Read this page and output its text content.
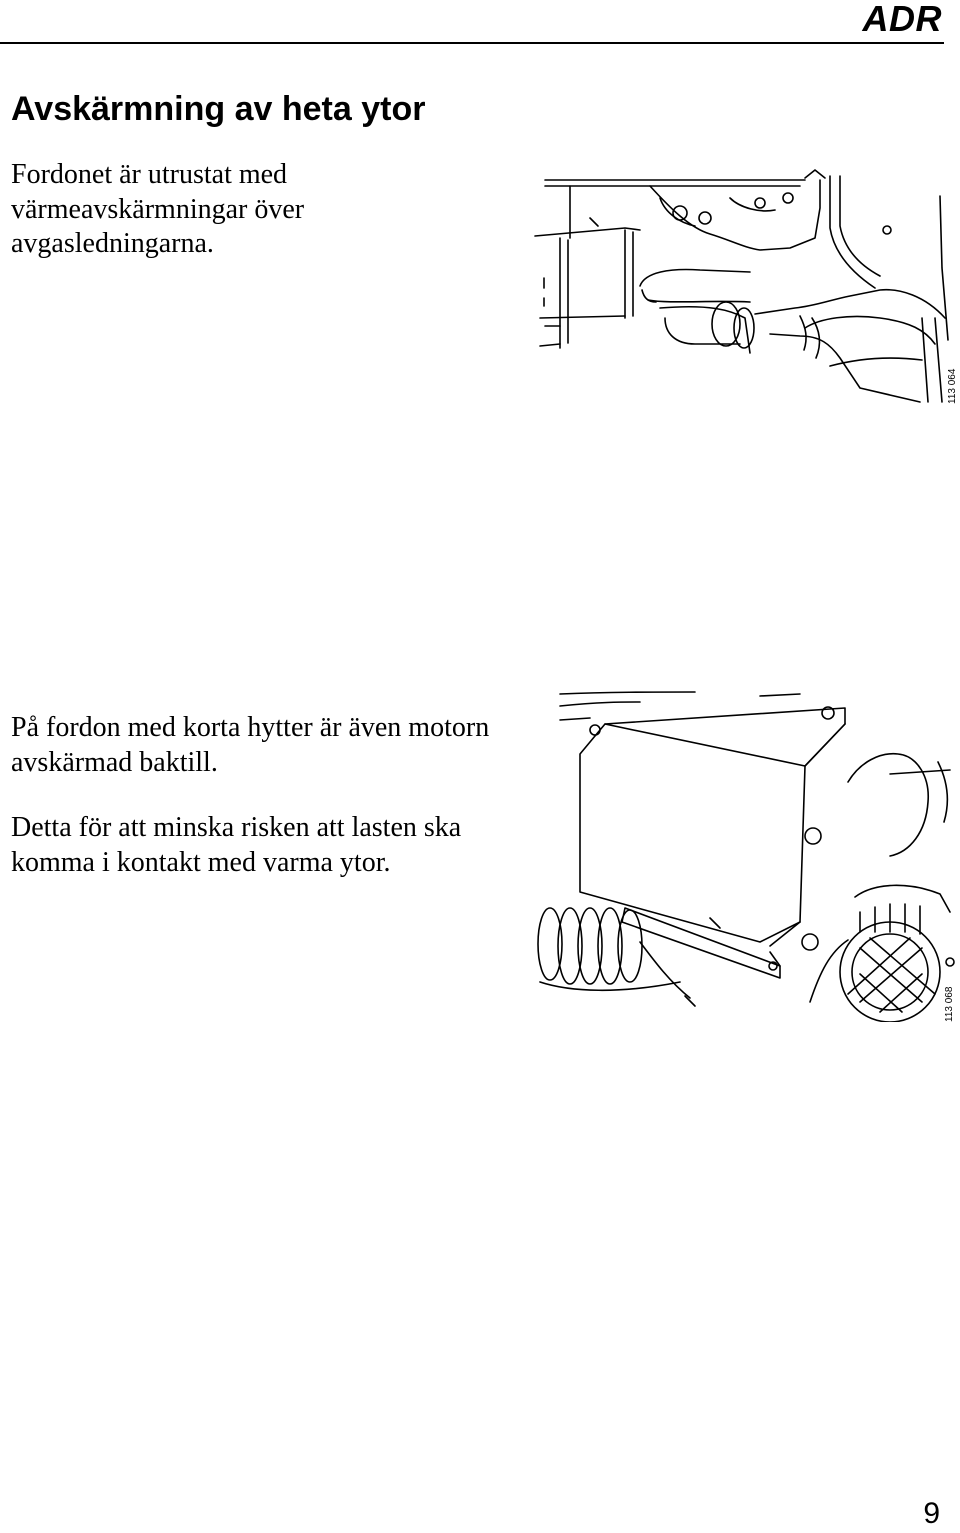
ADR
Avskärmning av heta ytor

Fordonet är utrustat med värmeavskärmningar över avgasledningarna.

113 064

På fordon med korta hytter är även motorn avskärmad baktill.

Detta för att minska risken att lasten ska komma i kontakt med varma ytor.

113 068
9
